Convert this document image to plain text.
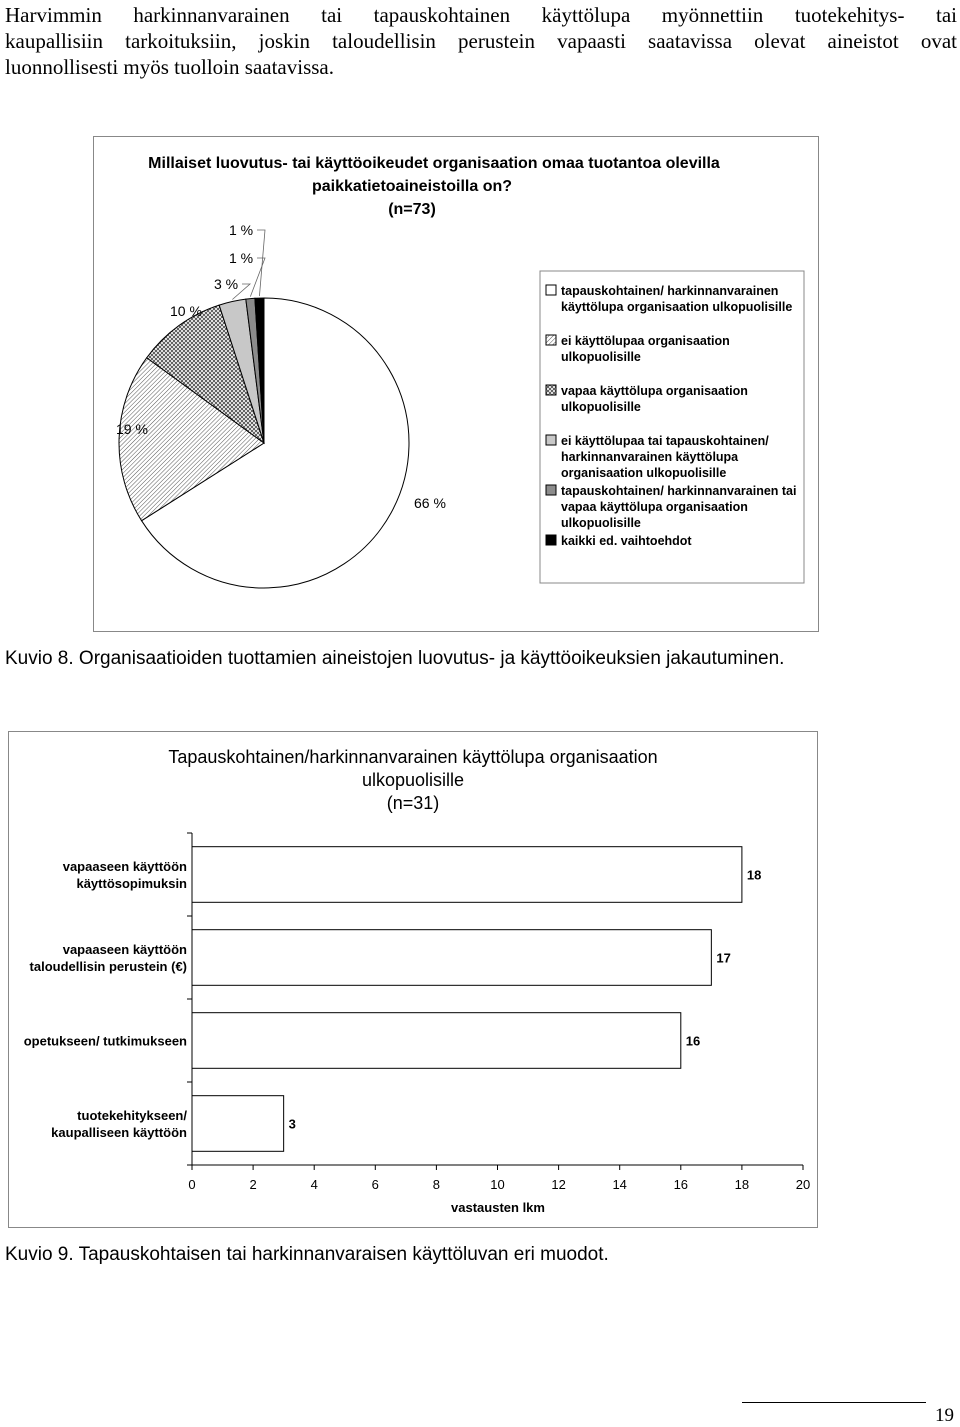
Harvimmin harkinnanvarainen tai tapauskohtainen käyttölupa myönnettiin tuotekehitys- tai
kaupallisiin tarkoituksiin, joskin taloudellisin perustein vapaasti saatavissa olevat aineistot ovat
luonnollisesti myös tuolloin saatavissa.
Millaiset luovutus- tai käyttöoikeudet organisaation omaa tuotantoa olevilla
paikkatietoaineistoilla on?
(n=73)
66 %
19 %
10 %
3 %
1 %
1 %
tapauskohtainen/ harkinnanvarainen
käyttölupa organisaation ulkopuolisille
ei käyttölupaa organisaation
ulkopuolisille
vapaa käyttölupa organisaation
ulkopuolisille
ei käyttölupaa tai tapauskohtainen/
harkinnanvarainen käyttölupa
organisaation ulkopuolisille
tapauskohtainen/ harkinnanvarainen tai
vapaa käyttölupa organisaation
ulkopuolisille
kaikki ed. vaihtoehdot
Kuvio 8. Organisaatioiden tuottamien aineistojen luovutus- ja käyttöoikeuksien jakautuminen.
Tapauskohtainen/harkinnanvarainen käyttölupa organisaation
ulkopuolisille
(n=31)
0	2	4	6	8	10	12	14	16	18	20
18
vapaaseen käyttöön
käyttösopimuksin
17
vapaaseen käyttöön
taloudellisin perustein (€)
16
opetukseen/ tutkimukseen
3
tuotekehitykseen/
kaupalliseen käyttöön
vastausten lkm
Kuvio 9. Tapauskohtaisen tai harkinnanvaraisen käyttöluvan eri muodot.
19
